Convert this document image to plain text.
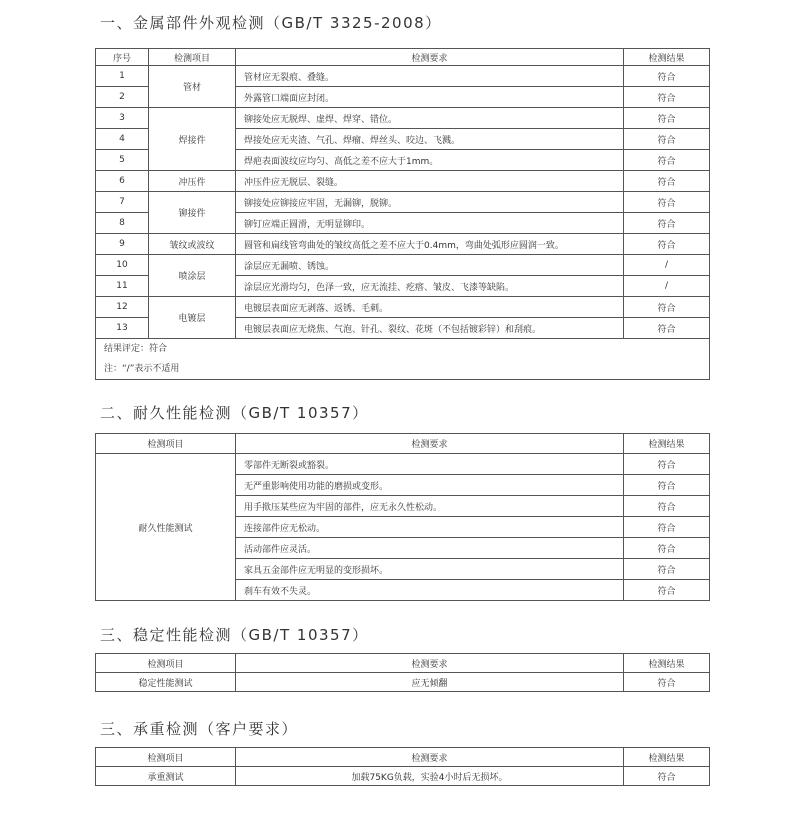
一、金属部件外观检测（GB/T 3325-2008）
序号	检测项目	检测要求	检测结果
1	管材	管材应无裂痕、叠缝。	符合
2		外露管口端面应封闭。	符合
3	焊接件	铆接处应无脱焊、虚焊、焊穿、错位。	符合
4		焊接处应无夹渣、气孔、焊瘤、焊丝头、咬边、飞溅。	符合
5		焊疤表面波纹应均匀、高低之差不应大于1mm。	符合
6	冲压件	冲压件应无脱层、裂缝。	符合
7	铆接件	铆接处应铆接应牢固，无漏铆，脱铆。	符合
8		铆钉应端正圆滑，无明显铆印。	符合
9	皱纹或波纹	圆管和扁线管弯曲处的皱纹高低之差不应大于0.4mm，弯曲处弧形应圆润一致。	符合
10	喷涂层	涂层应无漏喷、锈蚀。	/
11		涂层应光滑均匀，色泽一致，应无流挂、疙瘩、皱皮、飞漆等缺陷。	/
12	电镀层	电镀层表面应无剥落、返锈、毛刺。	符合
13		电镀层表面应无烧焦、气泡、针孔、裂纹、花斑（不包括镀彩锌）和刮痕。	符合

结果评定：符合
注：“/”表示不适用			
二、耐久性能检测（GB/T 10357）
检测项目	检测要求	检测结果
耐久性能测试	零部件无断裂或豁裂。	符合
	无严重影响使用功能的磨损或变形。	符合
	用手揿压某些应为牢固的部件，应无永久性松动。	符合
	连接部件应无松动。	符合
	活动部件应灵活。	符合
	家具五金部件应无明显的变形损坏。	符合
	刹车有效不失灵。	符合
三、稳定性能检测（GB/T 10357）
检测项目	检测要求	检测结果
稳定性能测试	应无倾翻	符合
三、承重检测（客户要求）
检测项目	检测要求	检测结果
承重测试	加载75KG负载，实验4小时后无损坏。	符合
